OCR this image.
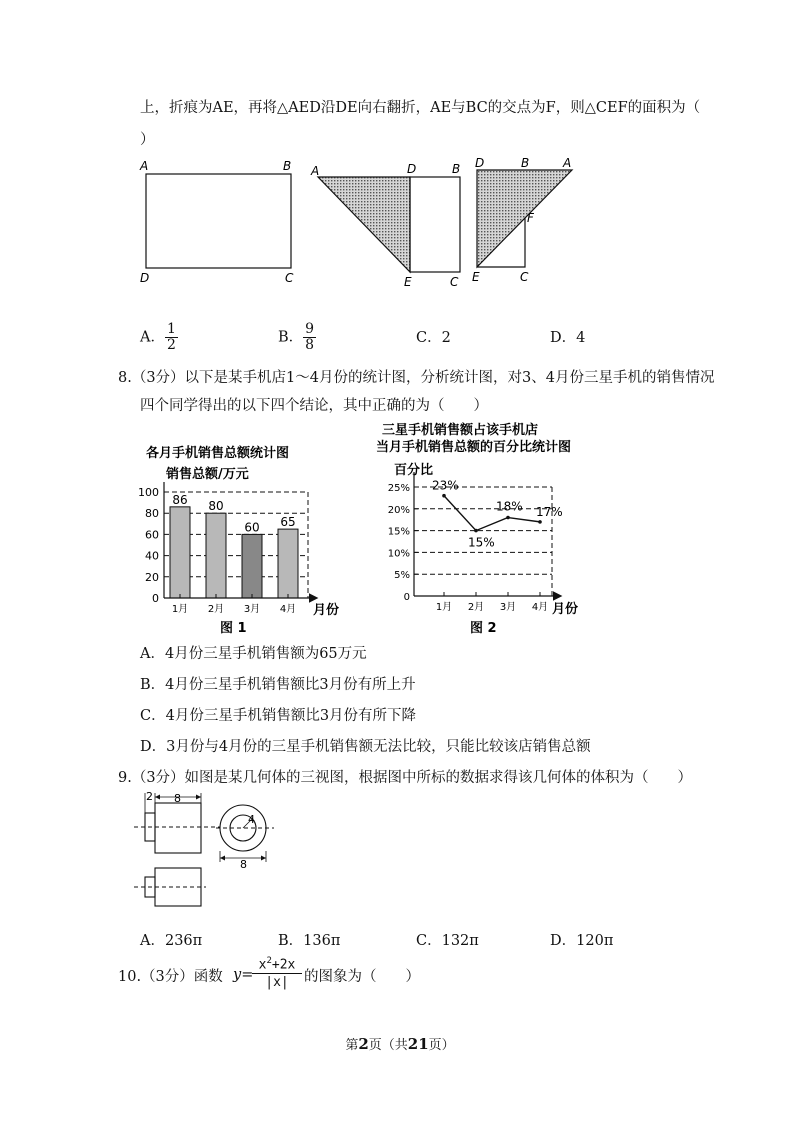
上，折痕为AE，再将△AED沿DE向右翻折，AE与BC的交点为F，则△CEF的面积为（
）
A	B
D	C
A	D	B
E	C
D	B	A
F
E	C
A． $\frac{1}{2}$	B． $\frac{9}{8}$	C．2	D．4
8.（3分）以下是某手机店1～4月份的统计图，分析统计图，对3、4月份三星手机的销售情况
四个同学得出的以下四个结论，其中正确的为（　　）
各月手机销售总额统计图
销售总额/万元
86 80
60 65
0
20
40
60
80
100
1月 2月 3月 4月 月份
图 1
三星手机销售额占该手机店
当月手机销售总额的百分比统计图
百分比
0
5%
10%
15%
20%
25%
1月 2月 3月 4月
23%
15%
18% 17%
月份
图 2
A．4月份三星手机销售额为65万元
B．4月份三星手机销售额比3月份有所上升
C．4月份三星手机销售额比3月份有所下降
D．3月份与4月份的三星手机销售额无法比较，只能比较该店销售总额
9.（3分）如图是某几何体的三视图，根据图中所标的数据求得该几何体的体积为（　　）
2 8
4
8
A．236π	B．136π	C．132π	D．120π
10.（3分）函数 y=
$\frac{x^2+2x}{|x|}$ 的图象为（　　）
第2页（共21页）
